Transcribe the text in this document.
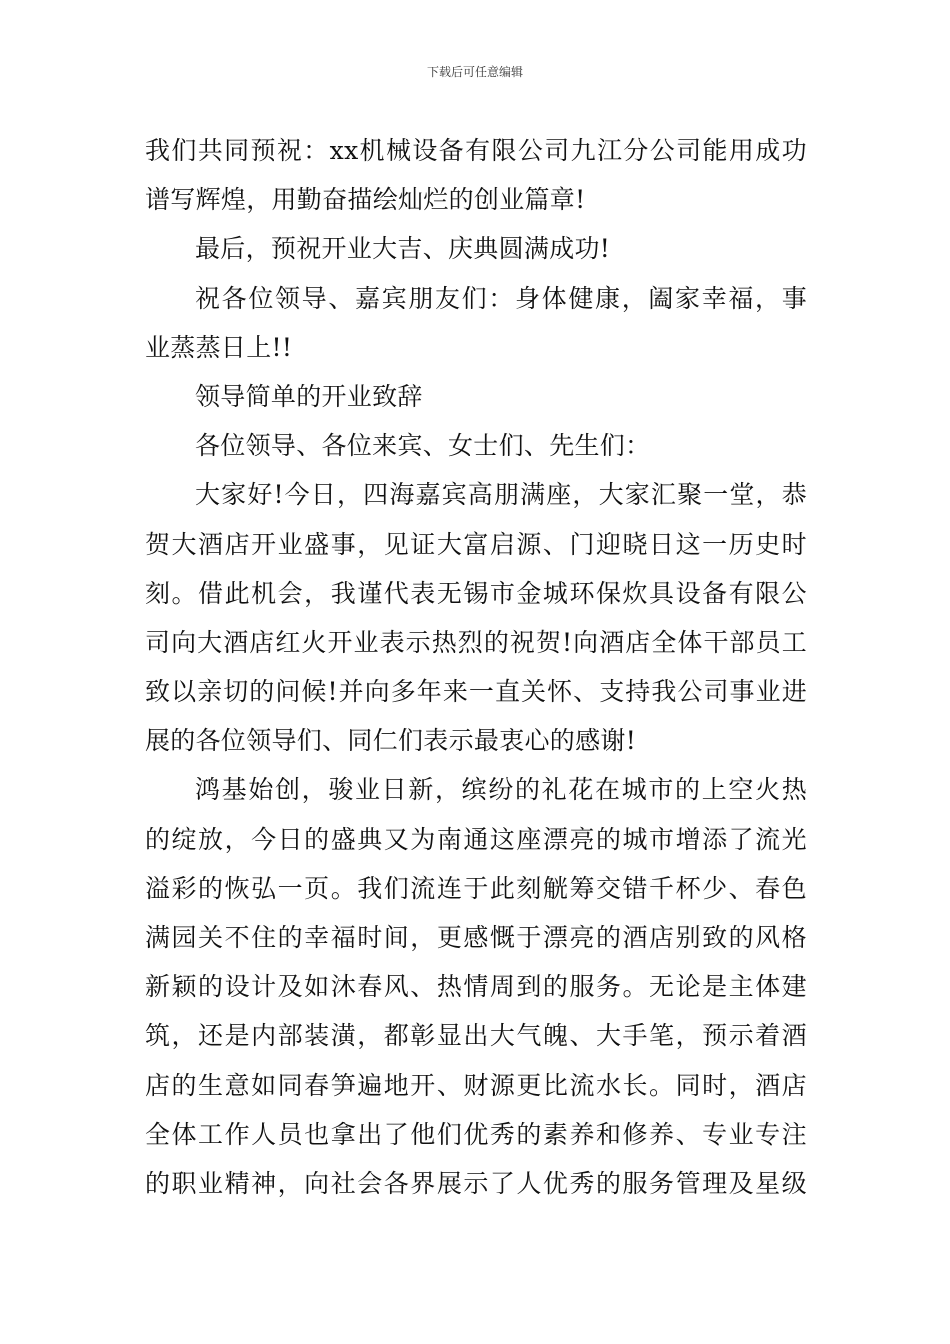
下载后可任意编辑
我们共同预祝：xx机械设备有限公司九江分公司能用成功
谱写辉煌，用勤奋描绘灿烂的创业篇章!
最后，预祝开业大吉、庆典圆满成功!
祝各位领导、嘉宾朋友们：身体健康，阖家幸福，事
业蒸蒸日上!!
领导简单的开业致辞
各位领导、各位来宾、女士们、先生们：
大家好!今日，四海嘉宾高朋满座，大家汇聚一堂，恭
贺大酒店开业盛事，见证大富启源、门迎晓日这一历史时
刻。借此机会，我谨代表无锡市金城环保炊具设备有限公
司向大酒店红火开业表示热烈的祝贺!向酒店全体干部员工
致以亲切的问候!并向多年来一直关怀、支持我公司事业进
展的各位领导们、同仁们表示最衷心的感谢!
鸿基始创，骏业日新，缤纷的礼花在城市的上空火热
的绽放，今日的盛典又为南通这座漂亮的城市增添了流光
溢彩的恢弘一页。我们流连于此刻觥筹交错千杯少、春色
满园关不住的幸福时间，更感慨于漂亮的酒店别致的风格
新颖的设计及如沐春风、热情周到的服务。无论是主体建
筑，还是内部装潢，都彰显出大气魄、大手笔，预示着酒
店的生意如同春笋遍地开、财源更比流水长。同时，酒店
全体工作人员也拿出了他们优秀的素养和修养、专业专注
的职业精神，向社会各界展示了人优秀的服务管理及星级
